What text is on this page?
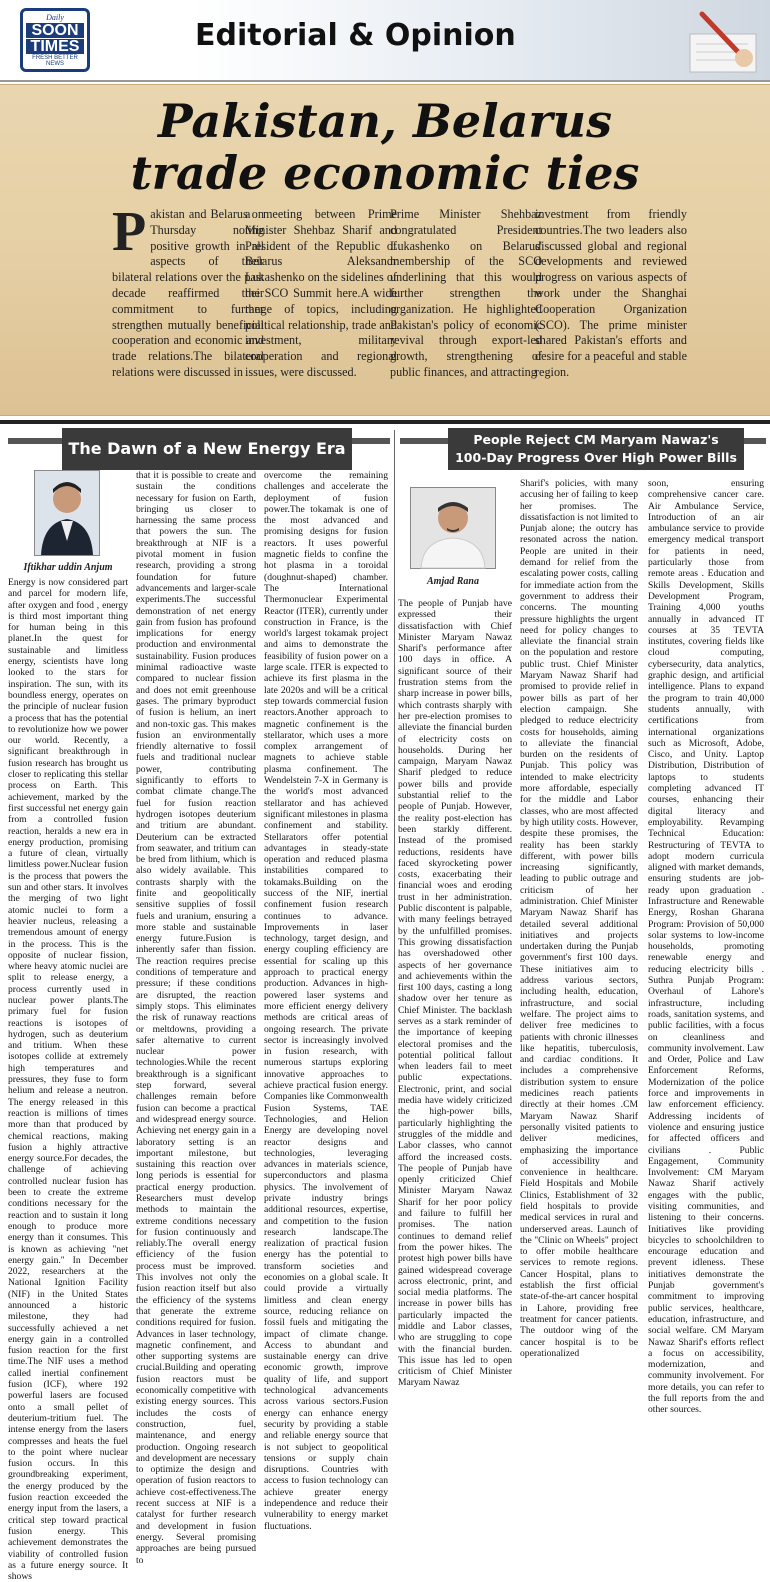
Daily
SOON
TIMES
FRESH BETTER NEWS
Editorial & Opinion
Pakistan, Belarus trade economic ties
Pakistan and Belarus on Thursday noting positive growth in all aspects of their bilateral relations over the past decade reaffirmed their commitment to further strengthen mutually beneficial cooperation and economic and trade relations.The bilateral relations were discussed in
a meeting between Prime Minister Shehbaz Sharif and President of the Republic of Belarus Aleksandr Lukashenko on the sidelines of the SCO Summit here.A wide range of topics, including political relationship, trade and investment, military cooperation and regional issues, were discussed.
Prime Minister Shehbaz congratulated President Lukashenko on Belarus' membership of the SCO underlining that this would further strengthen the organization. He highlighted Pakistan's policy of economic revival through export-led growth, strengthening of public finances, and attracting
investment from friendly countries.The two leaders also discussed global and regional developments and reviewed progress on various aspects of work under the Shanghai Cooperation Organization (SCO). The prime minister shared Pakistan's efforts and desire for a peaceful and stable region.
The Dawn of a New Energy Era
Iftikhar uddin Anjum
Energy is now considered part and parcel for modern life, after oxygen and food , energy is third most important thing for human being in this planet.In the quest for sustainable and limitless energy, scientists have long looked to the stars for inspiration. The sun, with its boundless energy, operates on the principle of nuclear fusion a process that has the potential to revolutionize how we power our world. Recently, a significant breakthrough in fusion research has brought us closer to replicating this stellar process on Earth. This achievement, marked by the first successful net energy gain from a controlled fusion reaction, heralds a new era in energy production, promising a future of clean, virtually limitless power.Nuclear fusion is the process that powers the sun and other stars. It involves the merging of two light atomic nuclei to form a heavier nucleus, releasing a tremendous amount of energy in the process. This is the opposite of nuclear fission, where heavy atomic nuclei are split to release energy, a process currently used in nuclear power plants.The primary fuel for fusion reactions is isotopes of hydrogen, such as deuterium and tritium. When these isotopes collide at extremely high temperatures and pressures, they fuse to form helium and release a neutron. The energy released in this reaction is millions of times more than that produced by chemical reactions, making fusion a highly attractive energy source.For decades, the challenge of achieving controlled nuclear fusion has been to create the extreme conditions necessary for the reaction and to sustain it long enough to produce more energy than it consumes. This is known as achieving "net energy gain." In December 2022, researchers at the National Ignition Facility (NIF) in the United States announced a historic milestone, they had successfully achieved a net energy gain in a controlled fusion reaction for the first time.The NIF uses a method called inertial confinement fusion (ICF), where 192 powerful lasers are focused onto a small pellet of deuterium-tritium fuel. The intense energy from the lasers compresses and heats the fuel to the point where nuclear fusion occurs. In this groundbreaking experiment, the energy produced by the fusion reaction exceeded the energy input from the lasers, a critical step toward practical fusion energy. This achievement demonstrates the viability of controlled fusion as a future energy source. It shows
that it is possible to create and sustain the conditions necessary for fusion on Earth, bringing us closer to harnessing the same process that powers the sun. The breakthrough at NIF is a pivotal moment in fusion research, providing a strong foundation for future advancements and larger-scale experiments.The successful demonstration of net energy gain from fusion has profound implications for energy production and environmental sustainability. Fusion produces minimal radioactive waste compared to nuclear fission and does not emit greenhouse gases. The primary byproduct of fusion is helium, an inert and non-toxic gas. This makes fusion an environmentally friendly alternative to fossil fuels and traditional nuclear power, contributing significantly to efforts to combat climate change.The fuel for fusion reaction hydrogen isotopes deuterium and tritium are abundant. Deuterium can be extracted from seawater, and tritium can be bred from lithium, which is also widely available. This contrasts sharply with the finite and geopolitically sensitive supplies of fossil fuels and uranium, ensuring a more stable and sustainable energy future.Fusion is inherently safer than fission. The reaction requires precise conditions of temperature and pressure; if these conditions are disrupted, the reaction simply stops. This eliminates the risk of runaway reactions or meltdowns, providing a safer alternative to current nuclear power technologies.While the recent breakthrough is a significant step forward, several challenges remain before fusion can become a practical and widespread energy source. Achieving net energy gain in a laboratory setting is an important milestone, but sustaining this reaction over long periods is essential for practical energy production. Researchers must develop methods to maintain the extreme conditions necessary for fusion continuously and reliably.The overall energy efficiency of the fusion process must be improved. This involves not only the fusion reaction itself but also the efficiency of the systems that generate the extreme conditions required for fusion. Advances in laser technology, magnetic confinement, and other supporting systems are crucial.Building and operating fusion reactors must be economically competitive with existing energy sources. This includes the costs of construction, fuel, maintenance, and energy production. Ongoing research and development are necessary to optimize the design and operation of fusion reactors to achieve cost-effectiveness.The recent success at NIF is a catalyst for further research and development in fusion energy. Several promising approaches are being pursued to
overcome the remaining challenges and accelerate the deployment of fusion power.The tokamak is one of the most advanced and promising designs for fusion reactors. It uses powerful magnetic fields to confine the hot plasma in a toroidal (doughnut-shaped) chamber. The International Thermonuclear Experimental Reactor (ITER), currently under construction in France, is the world's largest tokamak project and aims to demonstrate the feasibility of fusion power on a large scale. ITER is expected to achieve its first plasma in the late 2020s and will be a critical step towards commercial fusion reactors.Another approach to magnetic confinement is the stellarator, which uses a more complex arrangement of magnets to achieve stable plasma confinement. The Wendelstein 7-X in Germany is the world's most advanced stellarator and has achieved significant milestones in plasma confinement and stability. Stellarators offer potential advantages in steady-state operation and reduced plasma instabilities compared to tokamaks.Building on the success of the NIF, inertial confinement fusion research continues to advance. Improvements in laser technology, target design, and energy coupling efficiency are essential for scaling up this approach to practical energy production. Advances in high-powered laser systems and more efficient energy delivery methods are critical areas of ongoing research. The private sector is increasingly involved in fusion research, with numerous startups exploring innovative approaches to achieve practical fusion energy. Companies like Commonwealth Fusion Systems, TAE Technologies, and Helion Energy are developing novel reactor designs and technologies, leveraging advances in materials science, superconductors and plasma physics. The involvement of private industry brings additional resources, expertise, and competition to the fusion research landscape.The realization of practical fusion energy has the potential to transform societies and economies on a global scale. It could provide a virtually limitless and clean energy source, reducing reliance on fossil fuels and mitigating the impact of climate change. Access to abundant and sustainable energy can drive economic growth, improve quality of life, and support technological advancements across various sectors.Fusion energy can enhance energy security by providing a stable and reliable energy source that is not subject to geopolitical tensions or supply chain disruptions. Countries with access to fusion technology can achieve greater energy independence and reduce their vulnerability to energy market fluctuations.
People Reject CM Maryam Nawaz's
100-Day Progress Over High Power Bills
Amjad Rana
The people of Punjab have expressed their dissatisfaction with Chief Minister Maryam Nawaz Sharif's performance after 100 days in office. A significant source of their frustration stems from the sharp increase in power bills, which contrasts sharply with her pre-election promises to alleviate the financial burden of electricity costs on households. During her campaign, Maryam Nawaz Sharif pledged to reduce power bills and provide substantial relief to the people of Punjab. However, the reality post-election has been starkly different. Instead of the promised reductions, residents have faced skyrocketing power costs, exacerbating their financial woes and eroding trust in her administration. Public discontent is palpable, with many feelings betrayed by the unfulfilled promises. This growing dissatisfaction has overshadowed other aspects of her governance and achievements within the first 100 days, casting a long shadow over her tenure as Chief Minister. The backlash serves as a stark reminder of the importance of keeping electoral promises and the potential political fallout when leaders fail to meet public expectations. Electronic, print, and social media have widely criticized the high-power bills, particularly highlighting the struggles of the middle and Labor classes, who cannot afford the increased costs. The people of Punjab have openly criticized Chief Minister Maryam Nawaz Sharif for her poor policy and failure to fulfill her promises. The nation continues to demand relief from the power hikes. The protest high power bills have gained widespread coverage across electronic, print, and social media platforms. The increase in power bills has particularly impacted the middle and Labor classes, who are struggling to cope with the financial burden. This issue has led to open criticism of Chief Minister Maryam Nawaz
Sharif's policies, with many accusing her of failing to keep her promises. The dissatisfaction is not limited to Punjab alone; the outcry has resonated across the nation. People are united in their demand for relief from the escalating power costs, calling for immediate action from the government to address their concerns. The mounting pressure highlights the urgent need for policy changes to alleviate the financial strain on the population and restore public trust. Chief Minister Maryam Nawaz Sharif had promised to provide relief in power bills as part of her election campaign. She pledged to reduce electricity costs for households, aiming to alleviate the financial burden on the residents of Punjab. This policy was intended to make electricity more affordable, especially for the middle and Labor classes, who are most affected by high utility costs. However, despite these promises, the reality has been starkly different, with power bills increasing significantly, leading to public outrage and criticism of her administration. Chief Minister Maryam Nawaz Sharif has detailed several additional initiatives and projects undertaken during the Punjab government's first 100 days. These initiatives aim to address various sectors, including health, education, infrastructure, and social welfare. The project aims to deliver free medicines to patients with chronic illnesses like hepatitis, tuberculosis, and cardiac conditions. It includes a comprehensive distribution system to ensure medicines reach patients directly at their homes .CM Maryam Nawaz Sharif personally visited patients to deliver medicines, emphasizing the importance of accessibility and convenience in healthcare. Field Hospitals and Mobile Clinics, Establishment of 32 field hospitals to provide medical services in rural and underserved areas. Launch of the "Clinic on Wheels" project to offer mobile healthcare services to remote regions. Cancer Hospital, plans to establish the first official state-of-the-art cancer hospital in Lahore, providing free treatment for cancer patients. The outdoor wing of the cancer hospital is to be operationalized
soon, ensuring comprehensive cancer care. Air Ambulance Service, Introduction of an air ambulance service to provide emergency medical transport for patients in need, particularly those from remote areas . Education and Skills Development, Skills Development Program, Training 4,000 youths annually in advanced IT courses at 35 TEVTA institutes, covering fields like cloud computing, cybersecurity, data analytics, graphic design, and artificial intelligence. Plans to expand the program to train 40,000 students annually, with certifications from international organizations such as Microsoft, Adobe, Cisco, and Unity. Laptop Distribution, Distribution of laptops to students completing advanced IT courses, enhancing their digital literacy and employability. Revamping Technical Education: Restructuring of TEVTA to adopt modern curricula aligned with market demands, ensuring students are job-ready upon graduation . Infrastructure and Renewable Energy, Roshan Gharana Program: Provision of 50,000 solar systems to low-income households, promoting renewable energy and reducing electricity bills . Suthra Punjab Program: Overhaul of Lahore's infrastructure, including roads, sanitation systems, and public facilities, with a focus on cleanliness and community involvement. Law and Order, Police and Law Enforcement Reforms, Modernization of the police force and improvements in law enforcement efficiency. Addressing incidents of violence and ensuring justice for affected officers and civilians . Public Engagement, Community Involvement: CM Maryam Nawaz Sharif actively engages with the public, visiting communities, and listening to their concerns. Initiatives like providing bicycles to schoolchildren to encourage education and prevent idleness. These initiatives demonstrate the Punjab government's commitment to improving public services, healthcare, education, infrastructure, and social welfare. CM Maryam Nawaz Sharif's efforts reflect a focus on accessibility, modernization, and community involvement. For more details, you can refer to the full reports from the and other sources.
